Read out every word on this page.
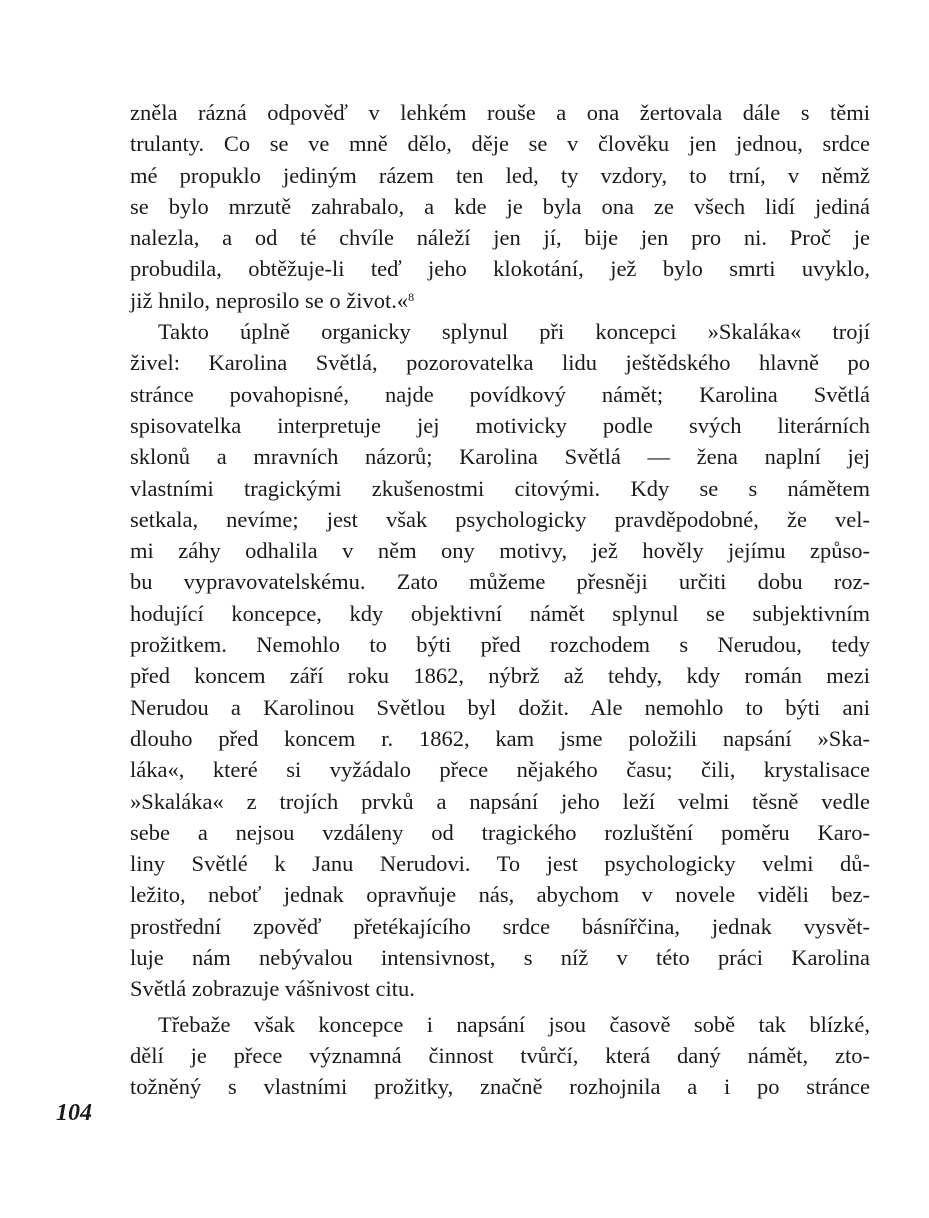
zněla rázná odpověď v lehkém rouše a ona žertovala dále s těmi
trulanty. Co se ve mně dělo, děje se v člověku jen jednou, srdce
mé propuklo jediným rázem ten led, ty vzdory, to trní, v němž
se bylo mrzutě zahrabalo, a kde je byla ona ze všech lidí jediná
nalezla, a od té chvíle náleží jen jí, bije jen pro ni. Proč je
probudila, obtěžuje-li teď jeho klokotání, jež bylo smrti uvyklo,
již hnilo, neprosilo se o život.«$^8$
Takto úplně organicky splynul při koncepci »Skaláka« trojí
živel: Karolina Světlá, pozorovatelka lidu ještědského hlavně po
stránce povahopisné, najde povídkový námět; Karolina Světlá
spisovatelka interpretuje jej motivicky podle svých literárních
sklonů a mravních názorů; Karolina Světlá — žena naplní jej
vlastními tragickými zkušenostmi citovými. Kdy se s námětem
setkala, nevíme; jest však psychologicky pravděpodobné, že vel-
mi záhy odhalila v něm ony motivy, jež hověly jejímu způso-
bu vypravovatelskému. Zato můžeme přesněji určiti dobu roz-
hodující koncepce, kdy objektivní námět splynul se subjektivním
prožitkem. Nemohlo to býti před rozchodem s Nerudou, tedy
před koncem září roku 1862, nýbrž až tehdy, kdy román mezi
Nerudou a Karolinou Světlou byl dožit. Ale nemohlo to býti ani
dlouho před koncem r. 1862, kam jsme položili napsání »Ska-
láka«, které si vyžádalo přece nějakého času; čili, krystalisace
»Skaláka« z trojích prvků a napsání jeho leží velmi těsně vedle
sebe a nejsou vzdáleny od tragického rozluštění poměru Karo-
liny Světlé k Janu Nerudovi. To jest psychologicky velmi dů-
ležito, neboť jednak opravňuje nás, abychom v novele viděli bez-
prostřední zpověď přetékajícího srdce básnířčina, jednak vysvět-
luje nám nebývalou intensivnost, s níž v této práci Karolina
Světlá zobrazuje vášnivost citu.
Třebaže však koncepce i napsání jsou časově sobě tak blízké,
dělí je přece významná činnost tvůrčí, která daný námět, zto-
tožněný s vlastními prožitky, značně rozhojnila a i po stránce
104
